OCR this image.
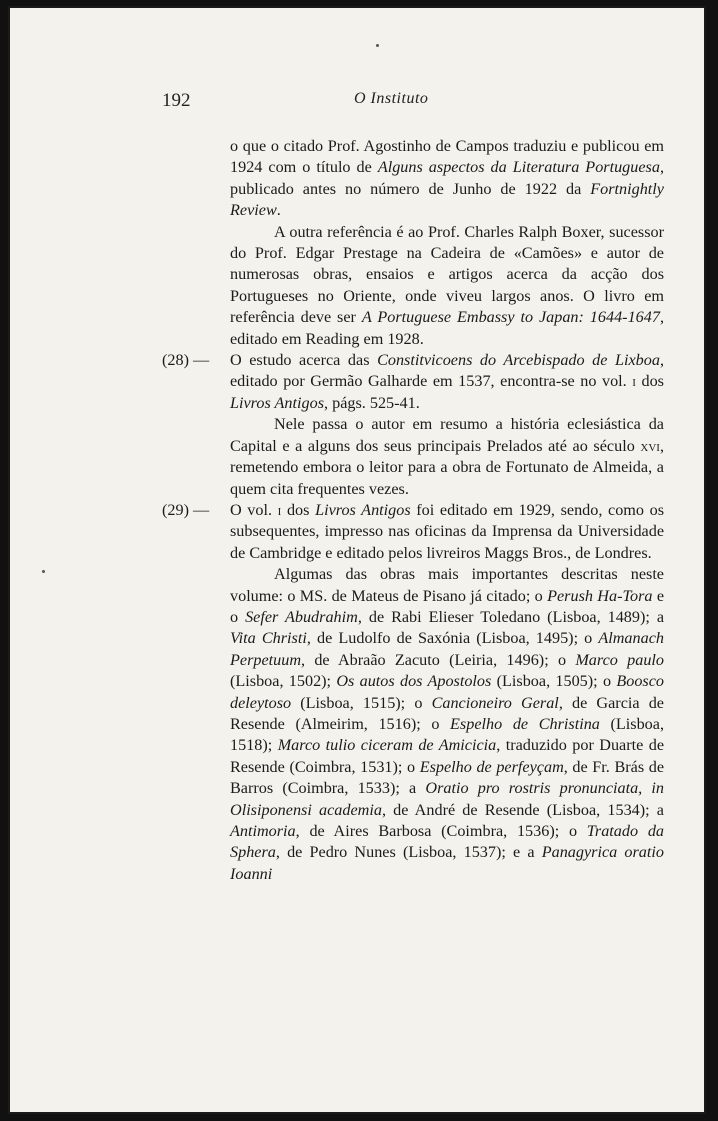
192	O Instituto

o que o citado Prof. Agostinho de Campos traduziu e publicou em 1924 com o título de Alguns aspectos da Literatura Portuguesa, publicado antes no número de Junho de 1922 da Fortnightly Review.

A outra referência é ao Prof. Charles Ralph Boxer, sucessor do Prof. Edgar Prestage na Cadeira de «Camões» e autor de numerosas obras, ensaios e artigos acerca da acção dos Portugueses no Oriente, onde viveu largos anos. O livro em referência deve ser A Portuguese Embassy to Japan: 1644-1647, editado em Reading em 1928.

(28) — O estudo acerca das Constitvicoens do Arcebispado de Lixboa, editado por Germão Galharde em 1537, encontra-se no vol. i dos Livros Antigos, págs. 525-41.

Nele passa o autor em resumo a história eclesiástica da Capital e a alguns dos seus principais Prelados até ao século xvi, remetendo embora o leitor para a obra de Fortunato de Almeida, a quem cita frequentes vezes.

(29) — O vol. i dos Livros Antigos foi editado em 1929, sendo, como os subsequentes, impresso nas oficinas da Imprensa da Universidade de Cambridge e editado pelos livreiros Maggs Bros., de Londres.

Algumas das obras mais importantes descritas neste volume: o MS. de Mateus de Pisano já citado; o Perush Ha-Tora e o Sefer Abudrahim, de Rabi Elieser Toledano (Lisboa, 1489); a Vita Christi, de Ludolfo de Saxónia (Lisboa, 1495); o Almanach Perpetuum, de Abraão Zacuto (Leiria, 1496); o Marco paulo (Lisboa, 1502); Os autos dos Apostolos (Lisboa, 1505); o Boosco deleytoso (Lisboa, 1515); o Cancioneiro Geral, de Garcia de Resende (Almeirim, 1516); o Espelho de Christina (Lisboa, 1518); Marco tulio ciceram de Amicicia, traduzido por Duarte de Resende (Coimbra, 1531); o Espelho de perfeyçam, de Fr. Brás de Barros (Coimbra, 1533); a Oratio pro rostris pronunciata, in Olisiponensi academia, de André de Resende (Lisboa, 1534); a Antimoria, de Aires Barbosa (Coimbra, 1536); o Tratado da Sphera, de Pedro Nunes (Lisboa, 1537); e a Panagyrica oratio Ioanni
